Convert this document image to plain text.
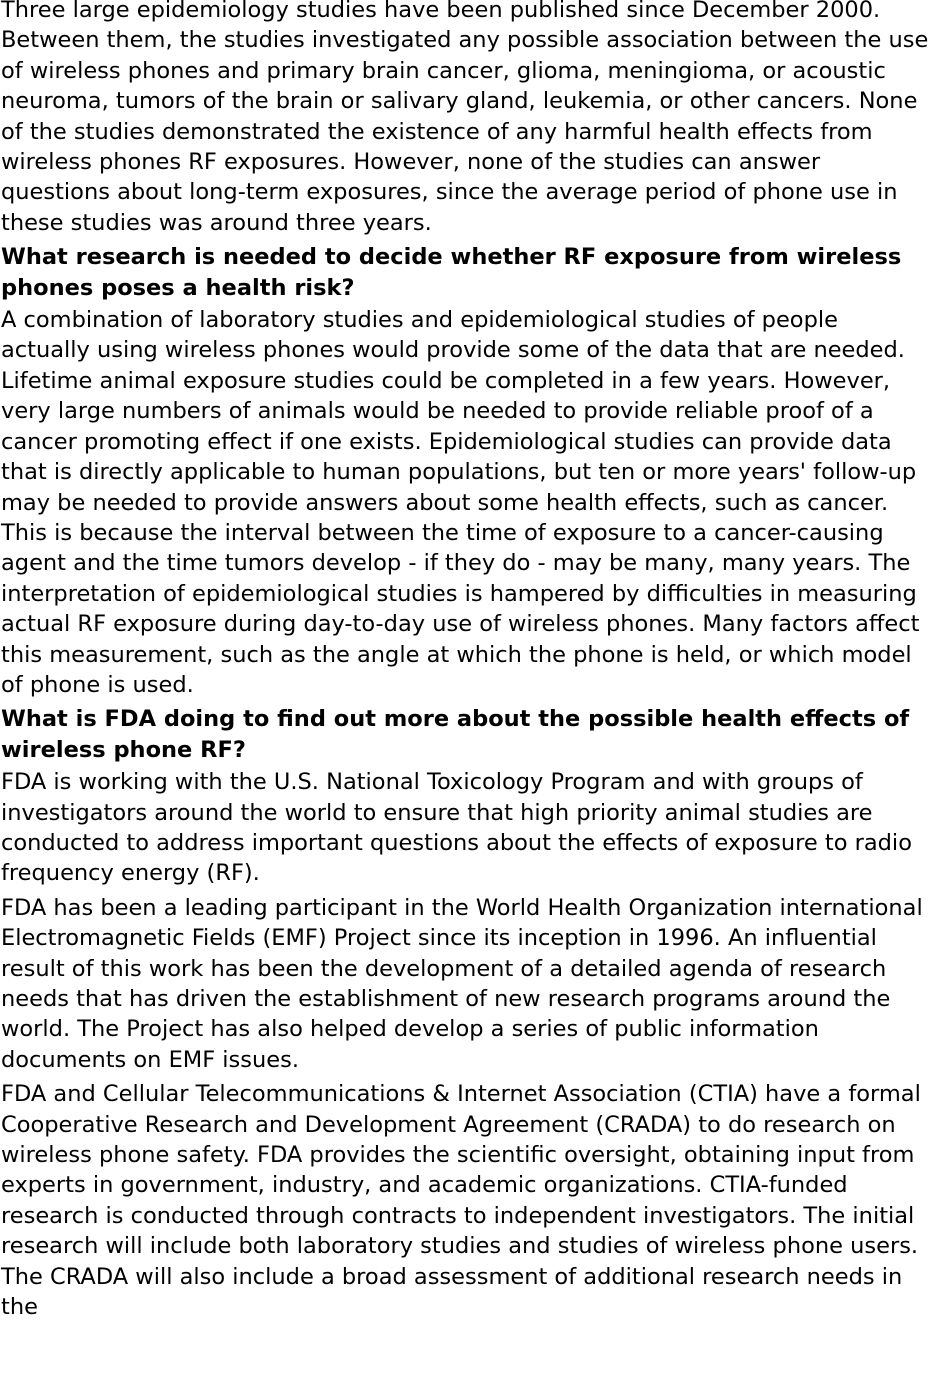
Three large epidemiology studies have been published since December 2000. Between them, the studies investigated any possible association between the use of wireless phones and primary brain cancer, glioma, meningioma, or acoustic neuroma, tumors of the brain or salivary gland, leukemia, or other cancers. None of the studies demonstrated the existence of any harmful health effects from wireless phones RF exposures. However, none of the studies can answer questions about long-term exposures, since the average period of phone use in these studies was around three years.

What research is needed to decide whether RF exposure from wireless phones poses a health risk?

A combination of laboratory studies and epidemiological studies of people actually using wireless phones would provide some of the data that are needed. Lifetime animal exposure studies could be completed in a few years. However, very large numbers of animals would be needed to provide reliable proof of a cancer promoting effect if one exists. Epidemiological studies can provide data that is directly applicable to human populations, but ten or more years' follow-up may be needed to provide answers about some health effects, such as cancer. This is because the interval between the time of exposure to a cancer-causing agent and the time tumors develop - if they do - may be many, many years. The interpretation of epidemiological studies is hampered by difficulties in measuring actual RF exposure during day-to-day use of wireless phones. Many factors affect this measurement, such as the angle at which the phone is held, or which model of phone is used.

What is FDA doing to find out more about the possible health effects of wireless phone RF?

FDA is working with the U.S. National Toxicology Program and with groups of investigators around the world to ensure that high priority animal studies are conducted to address important questions about the effects of exposure to radio frequency energy (RF).

FDA has been a leading participant in the World Health Organization international Electromagnetic Fields (EMF) Project since its inception in 1996. An influential result of this work has been the development of a detailed agenda of research needs that has driven the establishment of new research programs around the world. The Project has also helped develop a series of public information documents on EMF issues.

FDA and Cellular Telecommunications & Internet Association (CTIA) have a formal Cooperative Research and Development Agreement (CRADA) to do research on wireless phone safety. FDA provides the scientific oversight, obtaining input from experts in government, industry, and academic organizations. CTIA-funded research is conducted through contracts to independent investigators. The initial research will include both laboratory studies and studies of wireless phone users. The CRADA will also include a broad assessment of additional research needs in the
